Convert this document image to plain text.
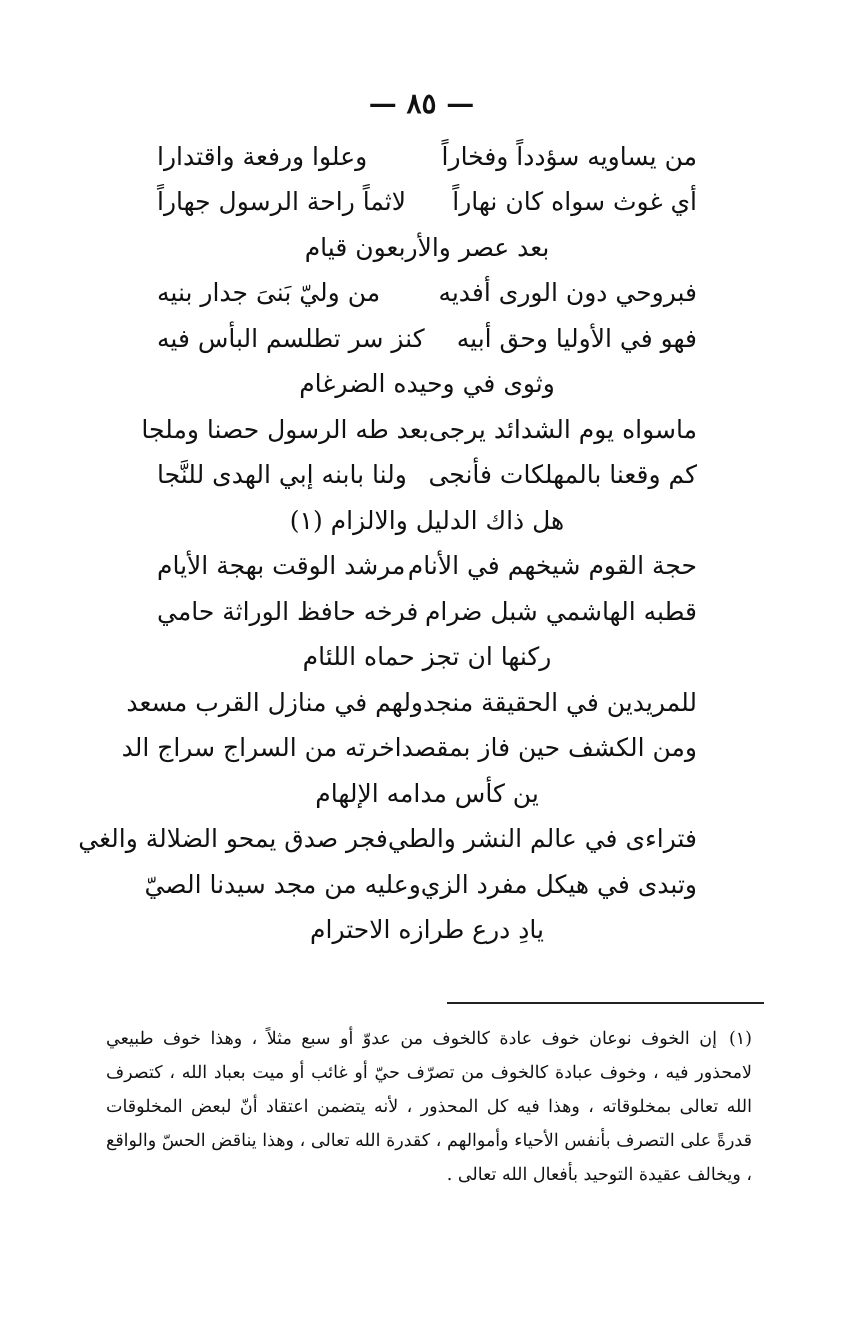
— ٨٥ —
من يساويه سؤدداً وفخاراً
وعلوا ورفعة واقتدارا
أي غوث سواه كان نهاراً
لاثماً راحة الرسول جهاراً
بعد عصر والأربعون قيام
فبروحي دون الورى أفديه
من وليّ بَنىَ جدار بنيه
فهو في الأوليا وحق أبيه
كنز سر تطلسم البأس فيه
وثوى في وحيده الضرغام
ماسواه يوم الشدائد يرجى
بعد طه الرسول حصنا وملجا
كم وقعنا بالمهلكات فأنجى
ولنا بابنه إبي الهدى للنَّجا
هل ذاك الدليل والالزام (١)
حجة القوم شيخهم في الأنام
مرشد الوقت بهجة الأيام
قطبه الهاشمي شبل ضرام
فرخه حافظ الوراثة حامي
ركنها ان تجز حماه اللئام
للمريدين في الحقيقة منجد
ولهم في منازل القرب مسعد
ومن الكشف حين فاز بمقصد
اخرته من السراج سراج الد
ين كأس مدامه الإلهام
فتراءى في عالم النشر والطي
فجر صدق يمحو الضلالة والغي
وتبدى في هيكل مفرد الزي
وعليه من مجد سيدنا الصيّ
يادِ درع طرازه الاحترام
(١)إن الخوف نوعان خوف عادة كالخوف من عدوّ أو سبع مثلاً ، وهذا خوف طبيعي لامحذور فيه ، وخوف عبادة كالخوف من تصرّف حيّ أو غائب أو ميت بعباد الله ، كتصرف الله تعالى بمخلوقاته ، وهذا فيه كل المحذور ، لأنه يتضمن اعتقاد أنّ لبعض المخلوقات قدرةً على التصرف بأنفس الأحياء وأموالهم ، كقدرة الله تعالى ، وهذا يناقض الحسّ والواقع ، ويخالف عقيدة التوحيد بأفعال الله تعالى .
